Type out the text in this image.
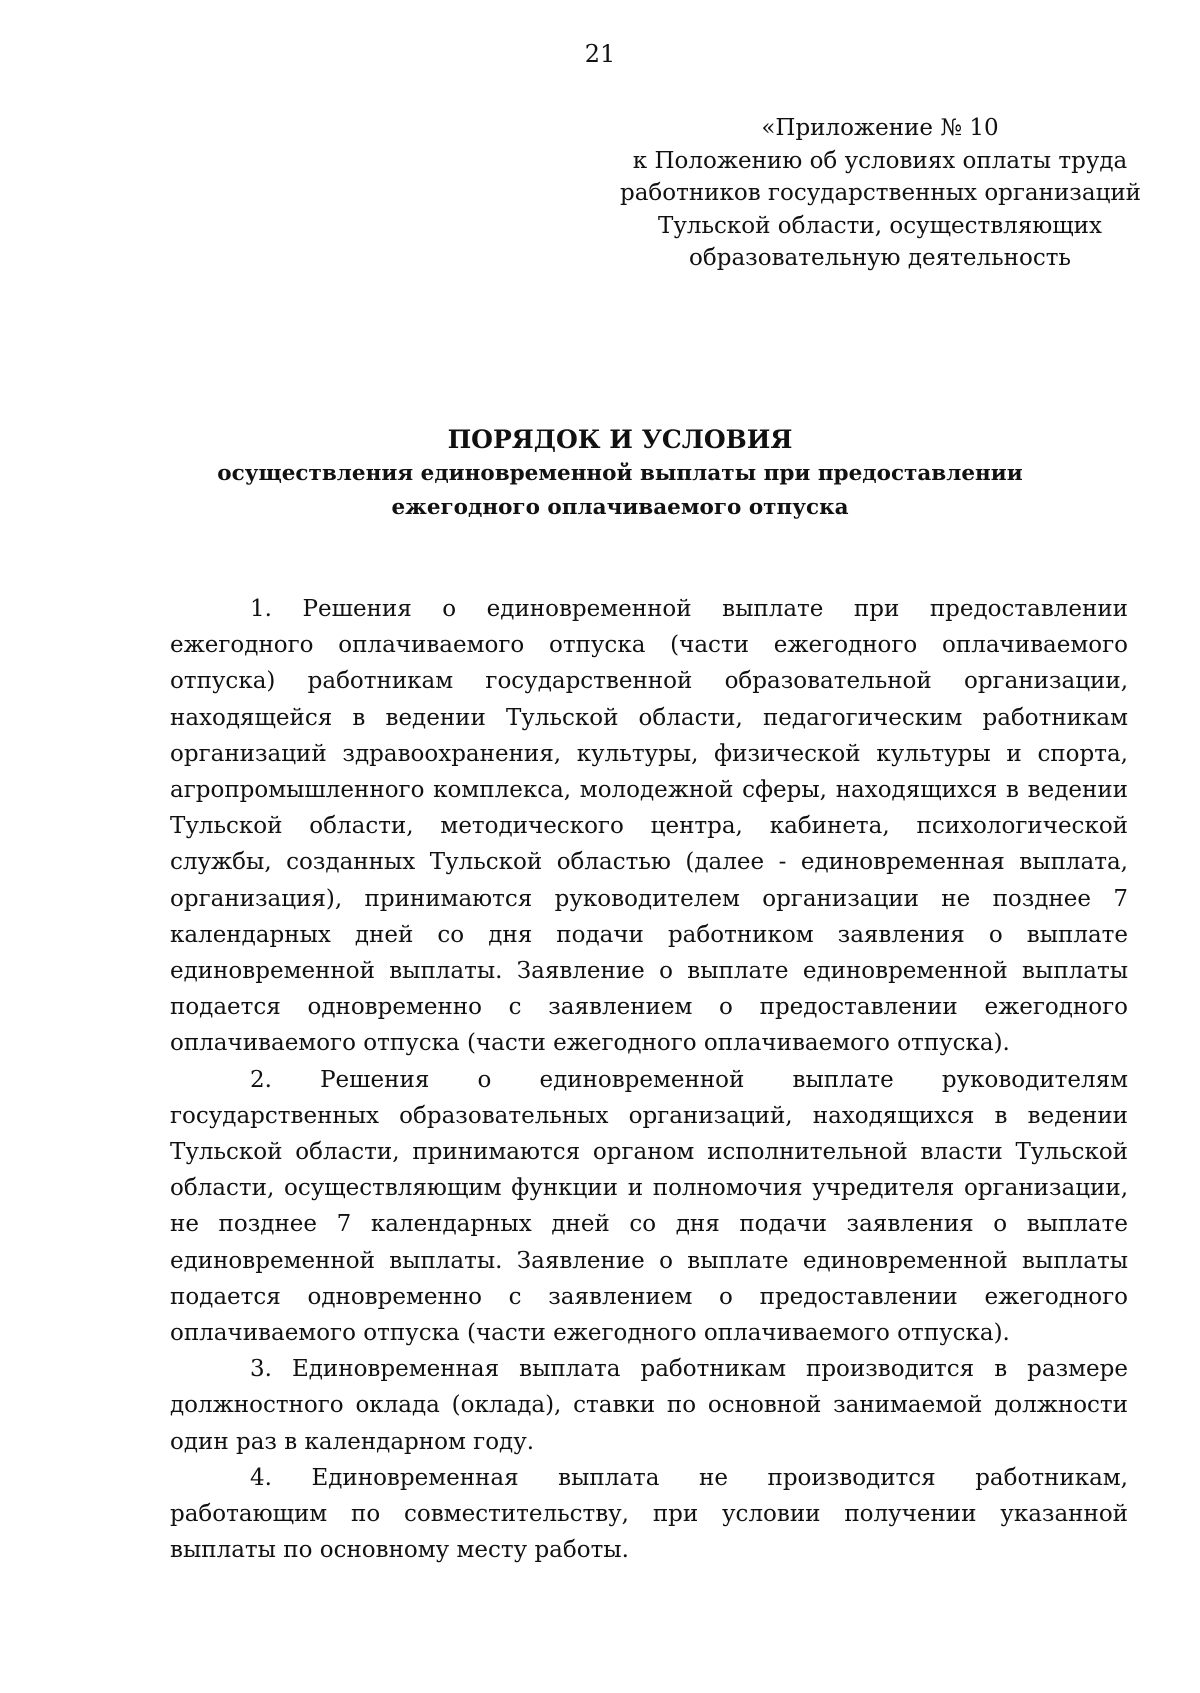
21
«Приложение № 10
к Положению об условиях оплаты труда
работников государственных организаций
Тульской области, осуществляющих
образовательную деятельность
ПОРЯДОК И УСЛОВИЯ
осуществления единовременной выплаты при предоставлении
ежегодного оплачиваемого отпуска

1. Решения о единовременной выплате при предоставлении ежегодного оплачиваемого отпуска (части ежегодного оплачиваемого отпуска) работникам государственной образовательной организации, находящейся в ведении Тульской области, педагогическим работникам организаций здравоохранения, культуры, физической культуры и спорта, агропромышленного комплекса, молодежной сферы, находящихся в ведении Тульской области, методического центра, кабинета, психологической службы, созданных Тульской областью (далее - единовременная выплата, организация), принимаются руководителем организации не позднее 7 календарных дней со дня подачи работником заявления о выплате единовременной выплаты. Заявление о выплате единовременной выплаты подается одновременно с заявлением о предоставлении ежегодного оплачиваемого отпуска (части ежегодного оплачиваемого отпуска).

2. Решения о единовременной выплате руководителям государственных образовательных организаций, находящихся в ведении Тульской области, принимаются органом исполнительной власти Тульской области, осуществляющим функции и полномочия учредителя организации, не позднее 7 календарных дней со дня подачи заявления о выплате единовременной выплаты. Заявление о выплате единовременной выплаты подается одновременно с заявлением о предоставлении ежегодного оплачиваемого отпуска (части ежегодного оплачиваемого отпуска).

3. Единовременная выплата работникам производится в размере должностного оклада (оклада), ставки по основной занимаемой должности один раз в календарном году.

4. Единовременная выплата не производится работникам, работающим по совместительству, при условии получении указанной выплаты по основному месту работы.
